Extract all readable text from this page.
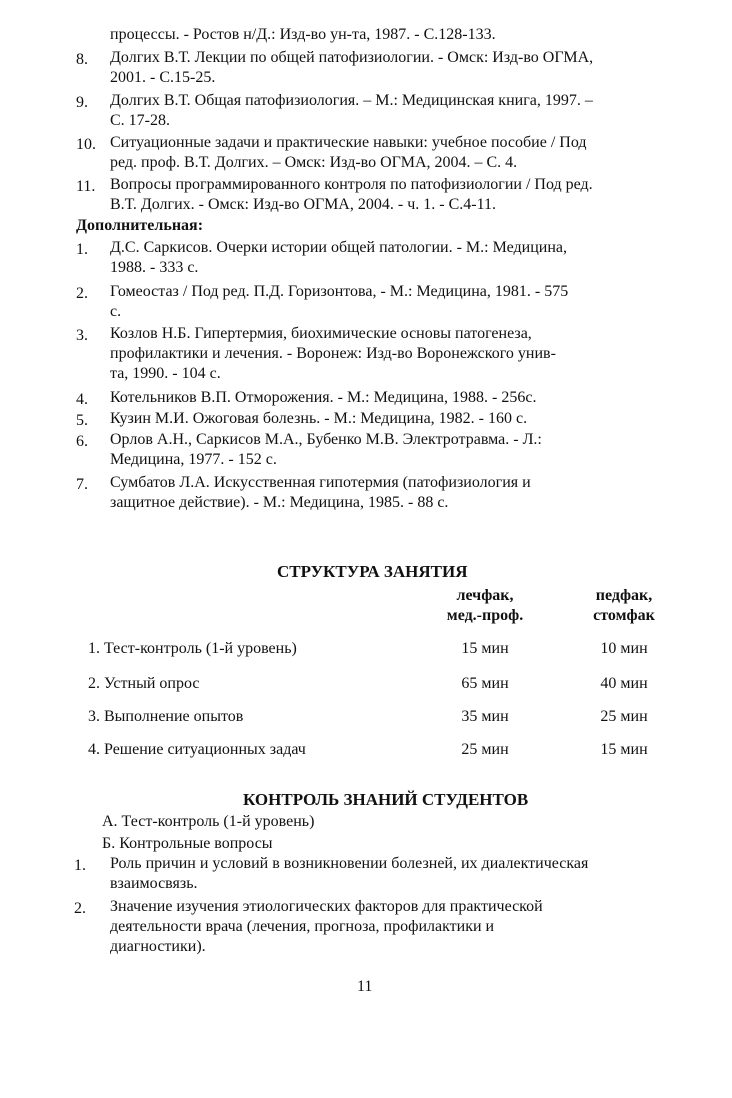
процессы. - Ростов н/Д.: Изд-во ун-та, 1987. - С.128-133.
8. Долгих В.Т. Лекции по общей патофизиологии. - Омск: Изд-во ОГМА,
2001. - С.15-25.
9. Долгих В.Т. Общая патофизиология. – М.: Медицинская книга, 1997. –
С. 17-28.
10. Ситуационные задачи и практические навыки: учебное пособие / Под
ред. проф. В.Т. Долгих. – Омск: Изд-во ОГМА, 2004. – С. 4.
11. Вопросы программированного контроля по патофизиологии / Под ред.
В.Т. Долгих. - Омск: Изд-во ОГМА, 2004. - ч. 1. - С.4-11.
Дополнительная:
1. Д.С. Саркисов. Очерки истории общей патологии. - М.: Медицина,
1988. - 333 с.
2. Гомеостаз / Под ред. П.Д. Горизонтова, - М.: Медицина, 1981. - 575
с.
3. Козлов Н.Б. Гипертермия, биохимические основы патогенеза,
профилактики и лечения. - Воронеж: Изд-во Воронежского унив-
та, 1990. - 104 с.
4. Котельников В.П. Отморожения. - М.: Медицина, 1988. - 256с.
5. Кузин М.И. Ожоговая болезнь. - М.: Медицина, 1982. - 160 с.
6. Орлов А.Н., Саркисов М.А., Бубенко М.В. Электротравма. - Л.:
Медицина, 1977. - 152 с.
7. Сумбатов Л.А. Искусственная гипотермия (патофизиология и
защитное действие). - М.: Медицина, 1985. - 88 с.
СТРУКТУРА ЗАНЯТИЯ
лечфак,
мед.-проф.
педфак,
стомфак
1. Тест-контроль (1-й уровень)	15 мин	10 мин
2. Устный опрос	65 мин	40 мин
3. Выполнение опытов	35 мин	25 мин
4. Решение ситуационных задач	25 мин	15 мин
КОНТРОЛЬ ЗНАНИЙ СТУДЕНТОВ
А. Тест-контроль (1-й уровень)
Б. Контрольные вопросы
1. Роль причин и условий в возникновении болезней, их диалектическая
взаимосвязь.
2. Значение изучения этиологических факторов для практической
деятельности врача (лечения, прогноза, профилактики и
диагностики).
11
